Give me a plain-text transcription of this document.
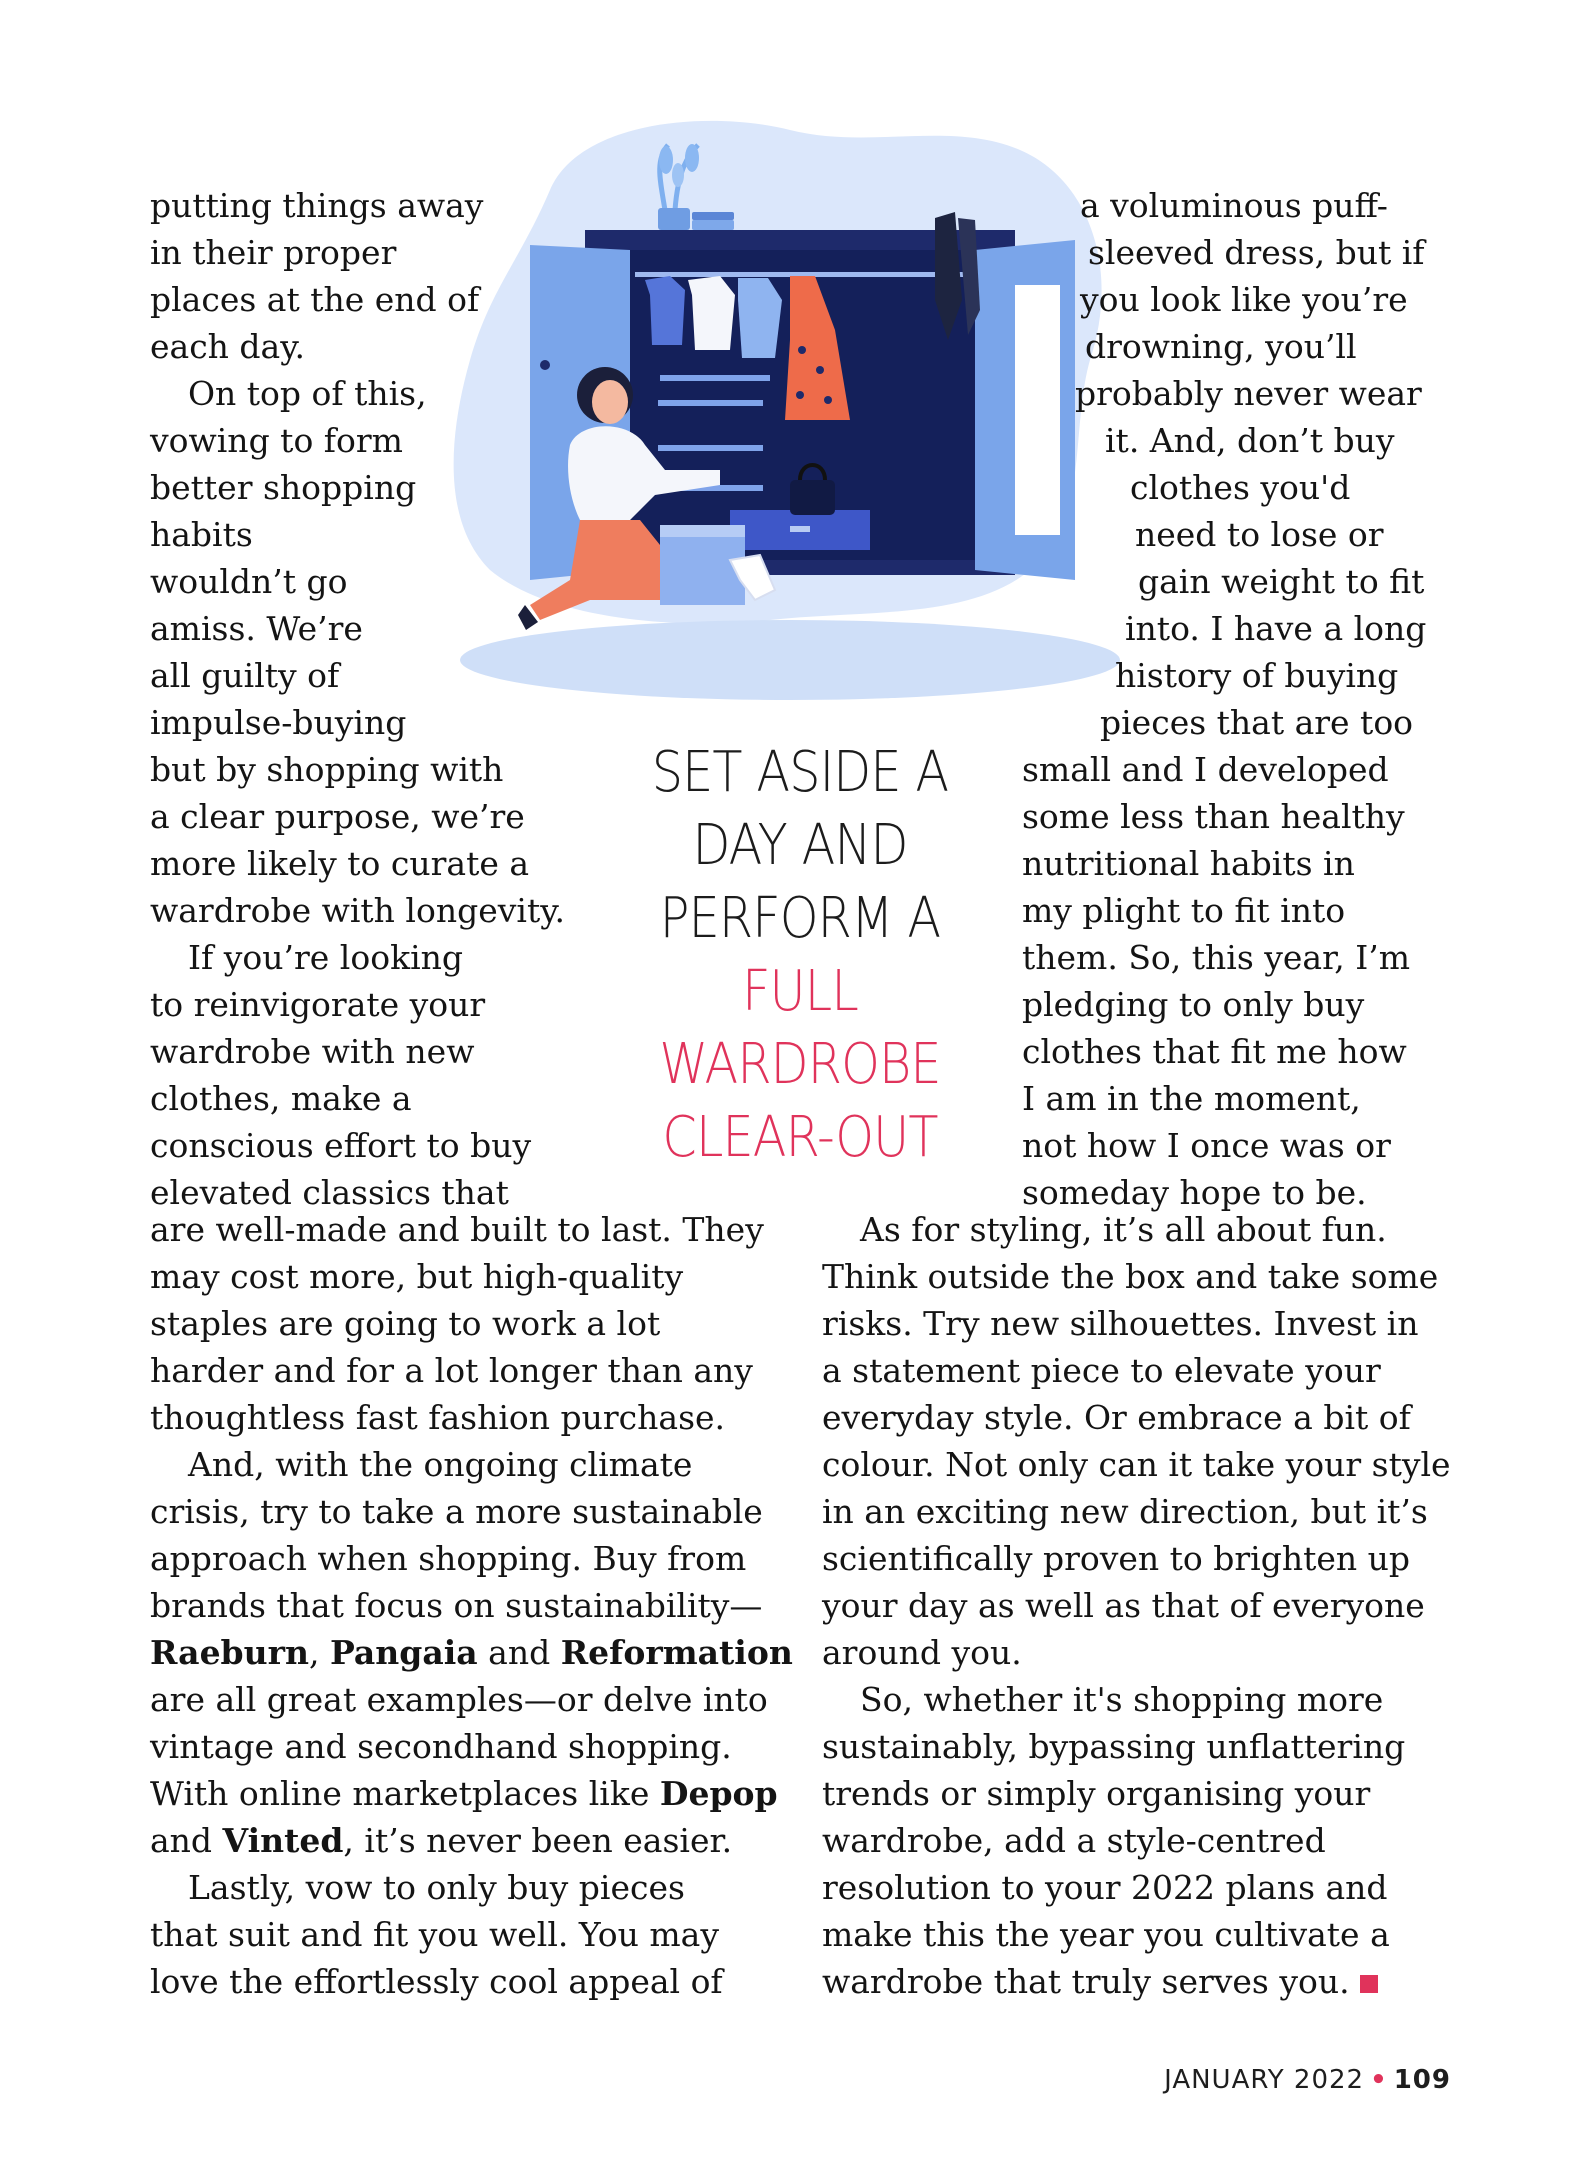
putting things away
in their proper
places at the end of
each day.
On top of this,
vowing to form
better shopping
habits
wouldn’t go
amiss. We’re
all guilty of
impulse-buying
but by shopping with
a clear purpose, we’re
more likely to curate a
wardrobe with longevity.
If you’re looking
to reinvigorate your
wardrobe with new
clothes, make a
conscious effort to buy
elevated classics that
are well-made and built to last. They
may cost more, but high-quality
staples are going to work a lot
harder and for a lot longer than any
thoughtless fast fashion purchase.
And, with the ongoing climate
crisis, try to take a more sustainable
approach when shopping. Buy from
brands that focus on sustainability—
Raeburn, Pangaia and Reformation
are all great examples—or delve into
vintage and secondhand shopping.
With online marketplaces like Depop
and Vinted, it’s never been easier.
Lastly, vow to only buy pieces
that suit and fit you well. You may
love the effortlessly cool appeal of
a voluminous puff-
sleeved dress, but if
you look like you’re
drowning, you’ll
probably never wear
it. And, don’t buy
clothes you'd
need to lose or
gain weight to fit
into. I have a long
history of buying
pieces that are too
small and I developed
some less than healthy
nutritional habits in
my plight to fit into
them. So, this year, I’m
pledging to only buy
clothes that fit me how
I am in the moment,
not how I once was or
someday hope to be.
As for styling, it’s all about fun.
Think outside the box and take some
risks. Try new silhouettes. Invest in
a statement piece to elevate your
everyday style. Or embrace a bit of
colour. Not only can it take your style
in an exciting new direction, but it’s
scientifically proven to brighten up
your day as well as that of everyone
around you.
So, whether it's shopping more
sustainably, bypassing unflattering
trends or simply organising your
wardrobe, add a style-centred
resolution to your 2022 plans and
make this the year you cultivate a
wardrobe that truly serves you.
SET ASIDE A
DAY AND
PERFORM A
FULL
WARDROBE
CLEAR-OUT
JANUARY 2022 • 109
